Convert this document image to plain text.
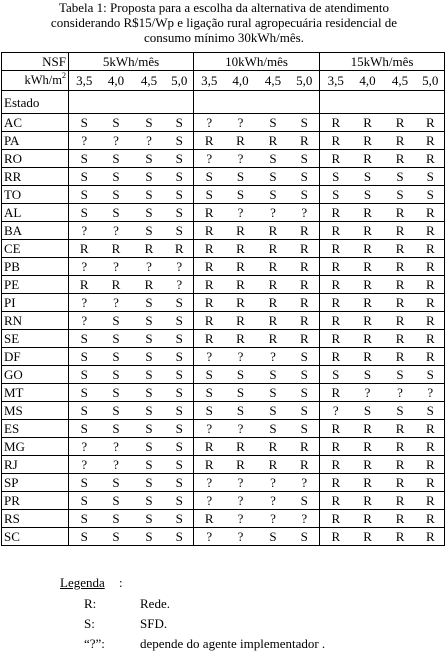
Tabela 1: Proposta para a escolha da alternativa de atendimento
considerando R$15/Wp e ligação rural agropecuária residencial de
consumo mínimo 30kWh/mês.
NSF	5kWh/mês				10kWh/mês				15kWh/mês			
kWh/$m^2$	3,5	4,0	4,5	5,0	3,5	4,0	4,5	5,0	3,5	4,0	4,5	5,0
Estado												
AC	S	S	S	S	?	?	S	S	R	R	R	R
PA	?	?	?	S	R	R	R	R	R	R	R	R
RO	S	S	S	S	?	?	S	S	R	R	R	R
RR	S	S	S	S	S	S	S	S	S	S	S	S
TO	S	S	S	S	S	S	S	S	S	S	S	S
AL	S	S	S	S	R	?	?	?	R	R	R	R
BA	?	?	S	S	R	R	R	R	R	R	R	R
CE	R	R	R	R	R	R	R	R	R	R	R	R
PB	?	?	?	?	R	R	R	R	R	R	R	R
PE	R	R	R	?	R	R	R	R	R	R	R	R
PI	?	?	S	S	R	R	R	R	R	R	R	R
RN	?	S	S	S	R	R	R	R	R	R	R	R
SE	S	S	S	S	R	R	R	R	R	R	R	R
DF	S	S	S	S	?	?	?	S	R	R	R	R
GO	S	S	S	S	S	S	S	S	S	S	S	S
MT	S	S	S	S	S	S	S	S	R	?	?	?
MS	S	S	S	S	S	S	S	S	?	S	S	S
ES	S	S	S	S	?	?	S	S	R	R	R	R
MG	?	?	S	S	R	R	R	R	R	R	R	R
RJ	?	?	S	S	R	R	R	R	R	R	R	R
SP	S	S	S	S	?	?	?	?	R	R	R	R
PR	S	S	S	S	?	?	?	S	R	R	R	R
RS	S	S	S	S	R	?	?	?	R	R	R	R
SC	S	S	S	S	?	?	S	S	R	R	R	R
Legenda :
R:	Rede.
S:	SFD.
“?”:	depende do agente implementador .
